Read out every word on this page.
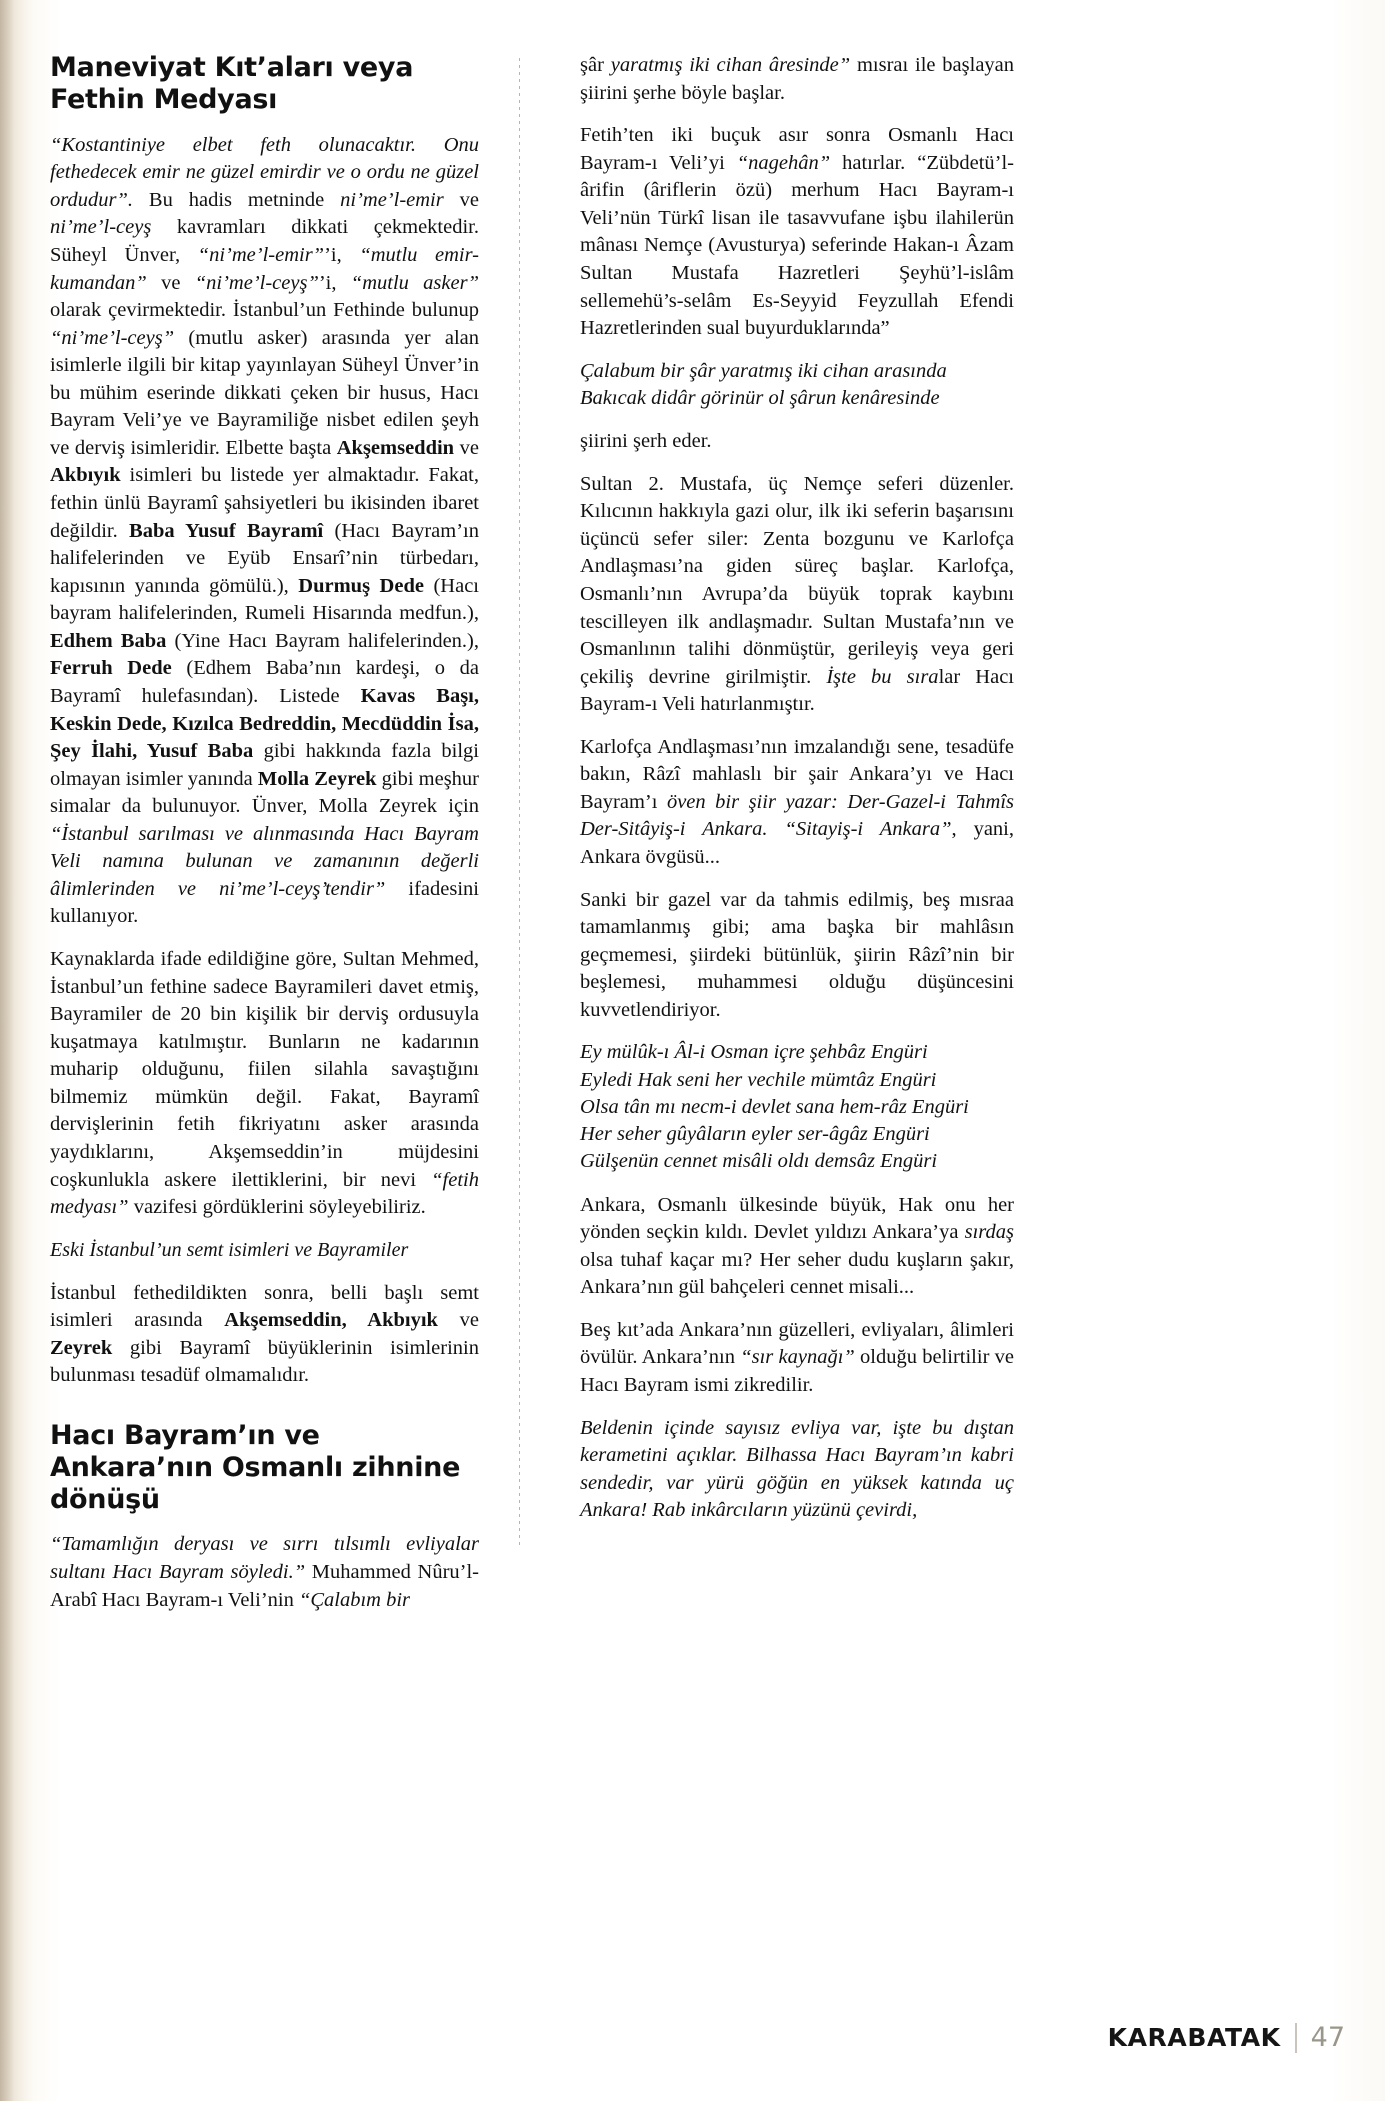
Maneviyat Kıt’aları veya Fethin Medyası

“Kostantiniye elbet feth olunacaktır. Onu fethedecek emir ne güzel emirdir ve o ordu ne güzel ordudur”. Bu hadis metninde ni’me’l-emir ve ni’me’l-ceyş kavramları dikkati çekmektedir. Süheyl Ünver, “ni’me’l-emir”’i, “mutlu emir-kumandan” ve “ni’me’l-ceyş”’i, “mutlu asker” olarak çevirmektedir. İstanbul’un Fethinde bulunup “ni’me’l-ceyş” (mutlu asker) arasında yer alan isimlerle ilgili bir kitap yayınlayan Süheyl Ünver’in bu mühim eserinde dikkati çeken bir husus, Hacı Bayram Veli’ye ve Bayramiliğe nisbet edilen şeyh ve derviş isimleridir. Elbette başta Akşemseddin ve Akbıyık isimleri bu listede yer almaktadır. Fakat, fethin ünlü Bayramî şahsiyetleri bu ikisinden ibaret değildir. Baba Yusuf Bayramî (Hacı Bayram’ın halifelerinden ve Eyüb Ensarî’nin türbedarı, kapısının yanında gömülü.), Durmuş Dede (Hacı bayram halifelerinden, Rumeli Hisarında medfun.), Edhem Baba (Yine Hacı Bayram halifelerinden.), Ferruh Dede (Edhem Baba’nın kardeşi, o da Bayramî hulefasından). Listede Kavas Başı, Keskin Dede, Kızılca Bedreddin, Mecdüddin İsa, Şey İlahi, Yusuf Baba gibi hakkında fazla bilgi olmayan isimler yanında Molla Zeyrek gibi meşhur simalar da bulunuyor. Ünver, Molla Zeyrek için “İstanbul sarılması ve alınmasında Hacı Bayram Veli namına bulunan ve zamanının değerli âlimlerinden ve ni’me’l-ceyş’tendir” ifadesini kullanıyor.

Kaynaklarda ifade edildiğine göre, Sultan Mehmed, İstanbul’un fethine sadece Bayramileri davet etmiş, Bayramiler de 20 bin kişilik bir derviş ordusuyla kuşatmaya katılmıştır. Bunların ne kadarının muharip olduğunu, fiilen silahla savaştığını bilmemiz mümkün değil. Fakat, Bayramî dervişlerinin fetih fikriyatını asker arasında yaydıklarını, Akşemseddin’in müjdesini coşkunlukla askere ilettiklerini, bir nevi “fetih medyası” vazifesi gördüklerini söyleyebiliriz.

Eski İstanbul’un semt isimleri ve Bayramiler

İstanbul fethedildikten sonra, belli başlı semt isimleri arasında Akşemseddin, Akbıyık ve Zeyrek gibi Bayramî büyüklerinin isimlerinin bulunması tesadüf olmamalıdır.

Hacı Bayram’ın ve Ankara’nın Osmanlı zihnine dönüşü

“Tamamlığın deryası ve sırrı tılsımlı evliyalar sultanı Hacı Bayram söyledi.” Muhammed Nûru’l-Arabî Hacı Bayram-ı Veli’nin “Çalabım bir

şâr yaratmış iki cihan âresinde” mısraı ile başlayan şiirini şerhe böyle başlar.

Fetih’ten iki buçuk asır sonra Osmanlı Hacı Bayram-ı Veli’yi “nagehân” hatırlar. “Zübdetü’l-ârifin (âriflerin özü) merhum Hacı Bayram-ı Veli’nün Türkî lisan ile tasavvufane işbu ilahilerün mânası Nemçe (Avusturya) seferinde Hakan-ı Âzam Sultan Mustafa Hazretleri Şeyhü’l-islâm sellemehü’s-selâm Es-Seyyid Feyzullah Efendi Hazretlerinden sual buyurduklarında”

Çalabum bir şâr yaratmış iki cihan arasında
Bakıcak didâr görinür ol şârun kenâresinde

şiirini şerh eder.

Sultan 2. Mustafa, üç Nemçe seferi düzenler. Kılıcının hakkıyla gazi olur, ilk iki seferin başarısını üçüncü sefer siler: Zenta bozgunu ve Karlofça Andlaşması’na giden süreç başlar. Karlofça, Osmanlı’nın Avrupa’da büyük toprak kaybını tescilleyen ilk andlaşmadır. Sultan Mustafa’nın ve Osmanlının talihi dönmüştür, gerileyiş veya geri çekiliş devrine girilmiştir. İşte bu sıralar Hacı Bayram-ı Veli hatırlanmıştır.

Karlofça Andlaşması’nın imzalandığı sene, tesadüfe bakın, Râzî mahlaslı bir şair Ankara’yı ve Hacı Bayram’ı öven bir şiir yazar: Der-Gazel-i Tahmîs Der-Sitâyiş-i Ankara. “Sitayiş-i Ankara”, yani, Ankara övgüsü...

Sanki bir gazel var da tahmis edilmiş, beş mısraa tamamlanmış gibi; ama başka bir mahlâsın geçmemesi, şiirdeki bütünlük, şiirin Râzî’nin bir beşlemesi, muhammesi olduğu düşüncesini kuvvetlendiriyor.

Ey mülûk-ı Âl-i Osman içre şehbâz Engüri
Eyledi Hak seni her vechile mümtâz Engüri
Olsa tân mı necm-i devlet sana hem-râz Engüri
Her seher gûyâların eyler ser-âgâz Engüri
Gülşenün cennet misâli oldı demsâz Engüri

Ankara, Osmanlı ülkesinde büyük, Hak onu her yönden seçkin kıldı. Devlet yıldızı Ankara’ya sırdaş olsa tuhaf kaçar mı? Her seher dudu kuşların şakır, Ankara’nın gül bahçeleri cennet misali...

Beş kıt’ada Ankara’nın güzelleri, evliyaları, âlimleri övülür. Ankara’nın “sır kaynağı” olduğu belirtilir ve Hacı Bayram ismi zikredilir.

Beldenin içinde sayısız evliya var, işte bu dıştan kerametini açıklar. Bilhassa Hacı Bayram’ın kabri sendedir, var yürü göğün en yüksek katında uç Ankara! Rab inkârcıların yüzünü çevirdi,

KARABATAK 47
